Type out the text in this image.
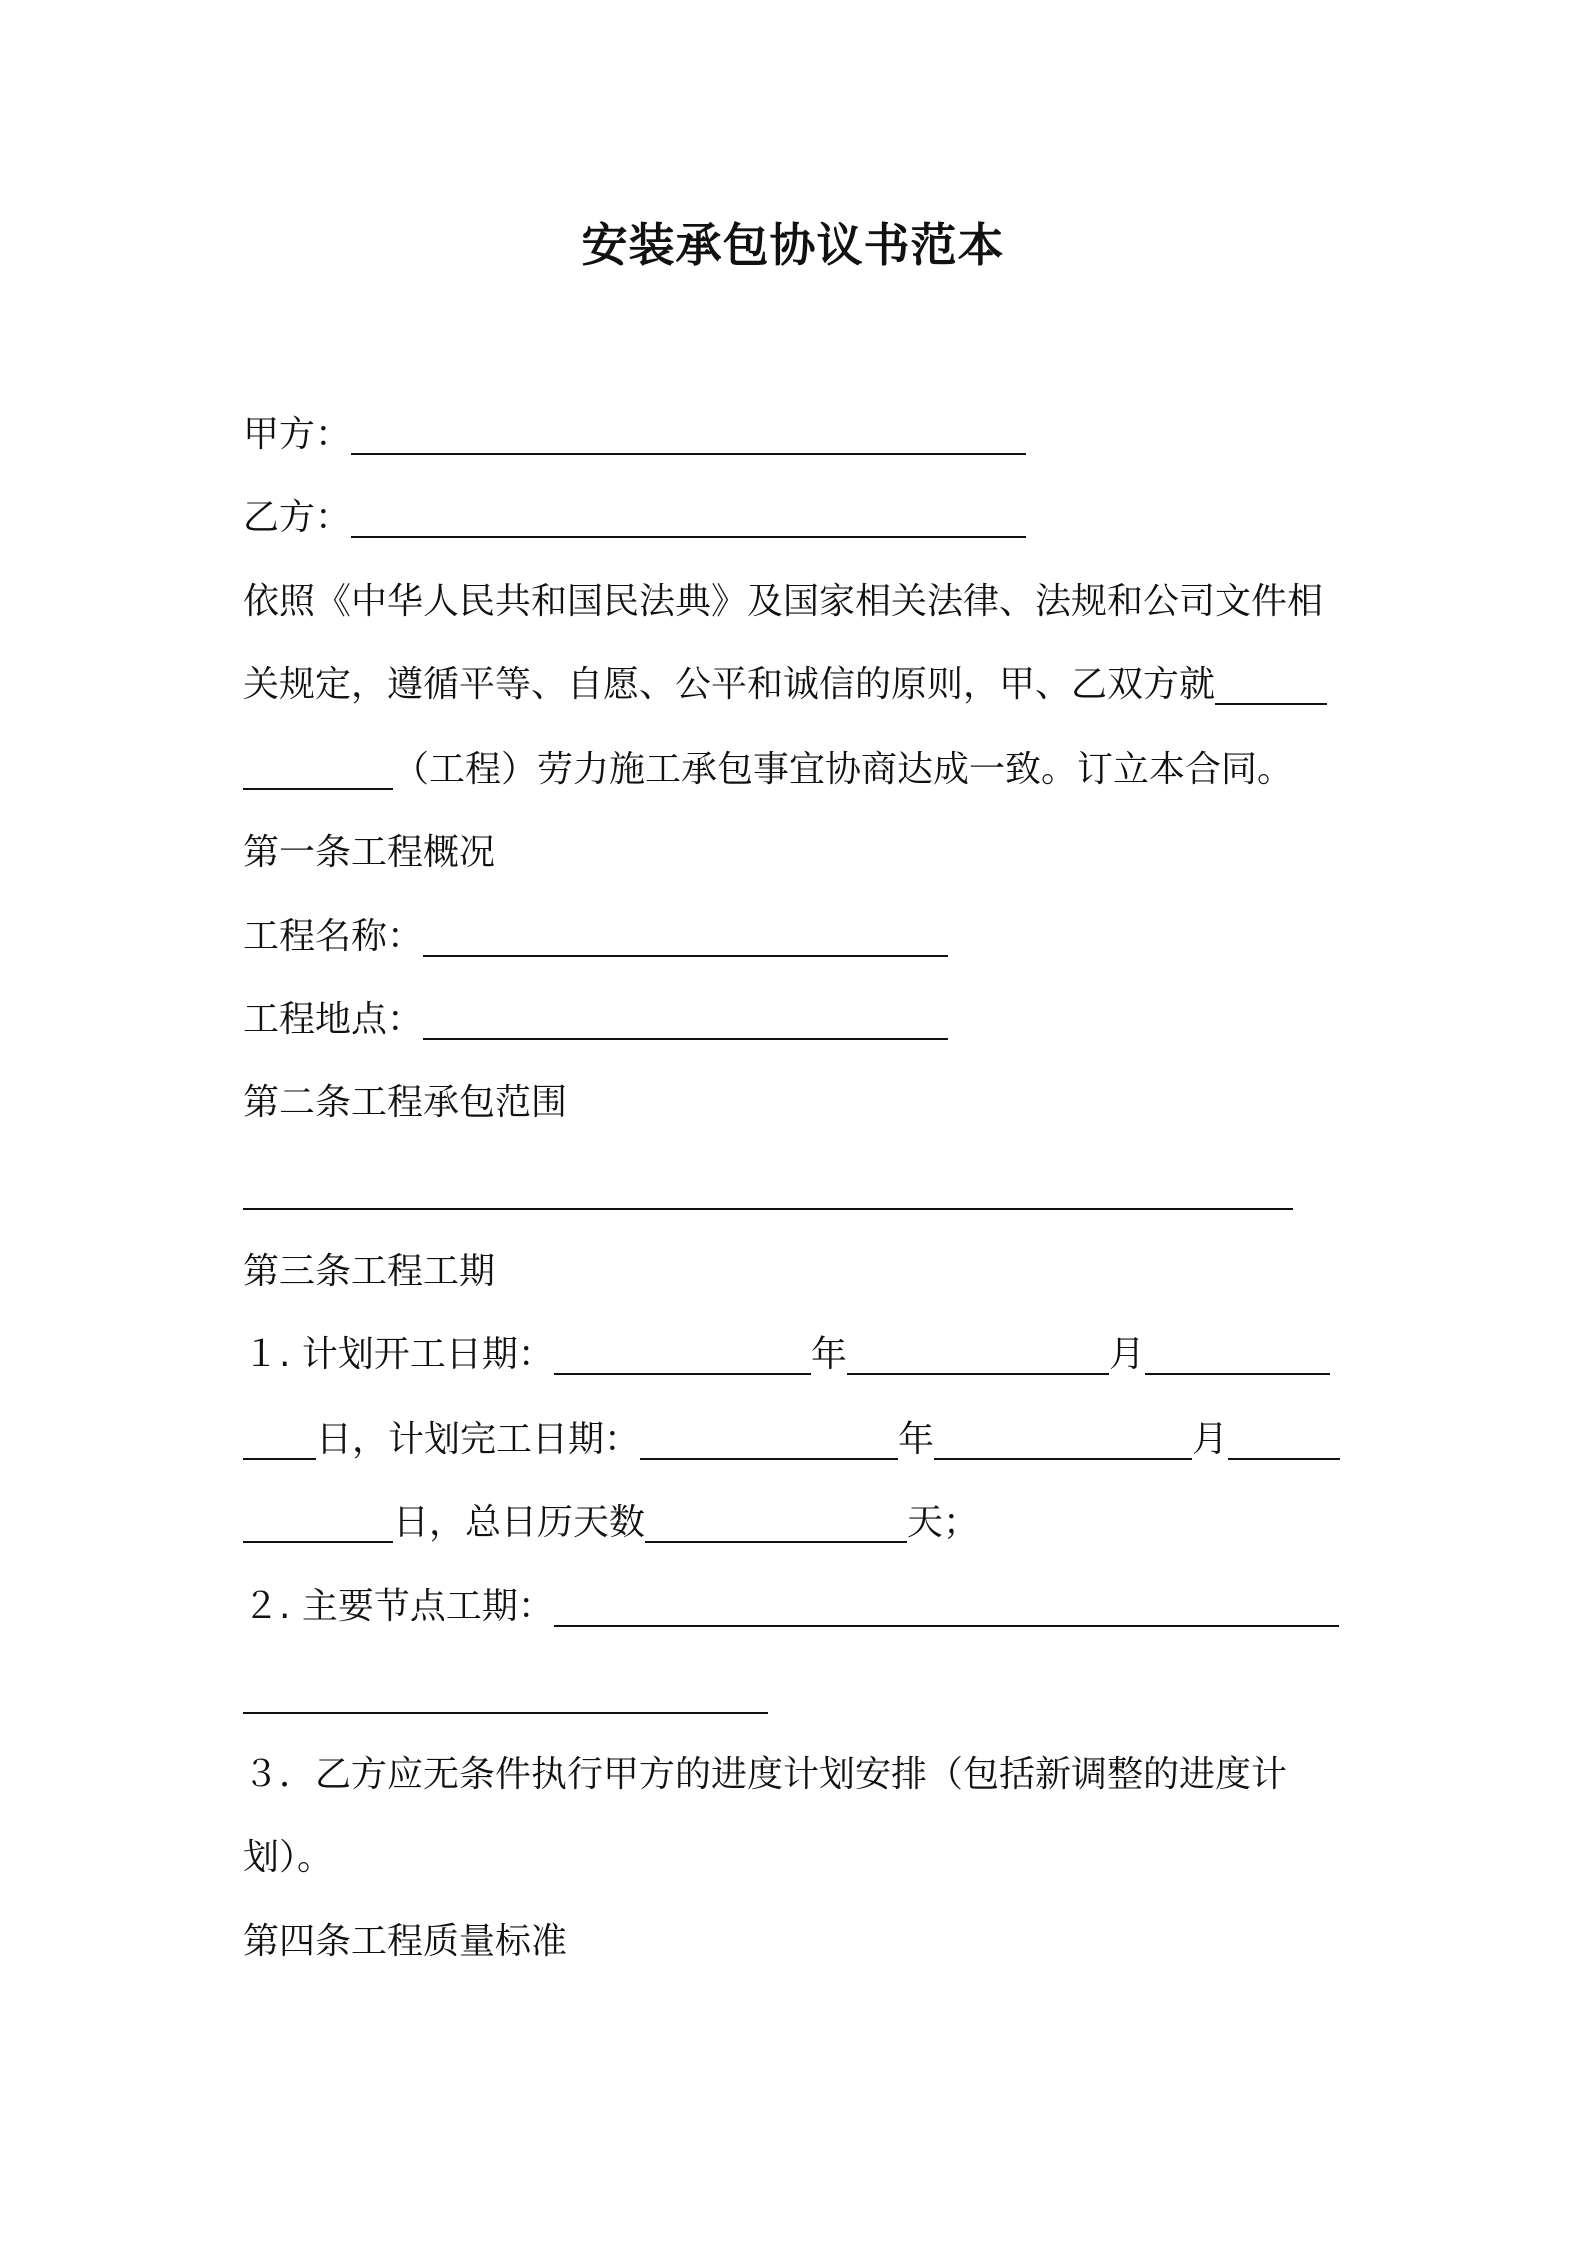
安装承包协议书范本
甲方：
乙方：
依照《中华人民共和国民法典》及国家相关法律、法规和公司文件相
关规定，遵循平等、自愿、公平和诚信的原则，甲、乙双方就
（工程）劳力施工承包事宜协商达成一致。订立本合同。
第一条工程概况
工程名称：
工程地点：
第二条工程承包范围
第三条工程工期
１. 计划开工日期：	年	月
日，计划完工日期：	年	月
日，总日历天数	天；
２. 主要节点工期：
３．乙方应无条件执行甲方的进度计划安排（包括新调整的进度计
划）。
第四条工程质量标准
